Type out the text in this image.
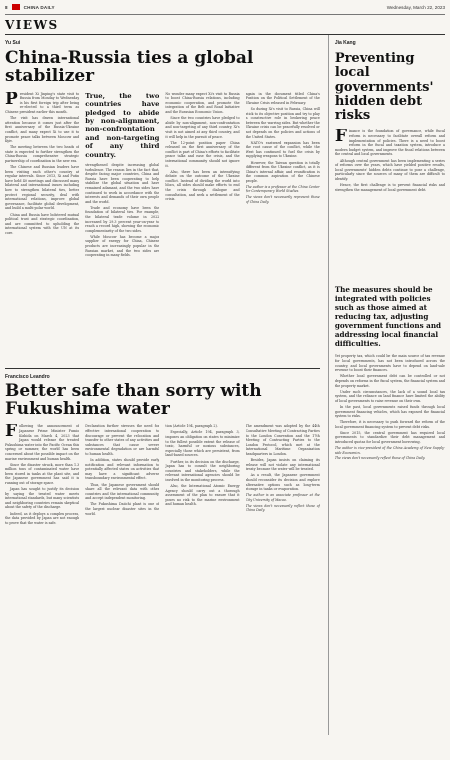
8	CHINA DAILY	Wednesday, March 22, 2023
VIEWS
Yu Sui
China-Russia ties a global stabilizer
P resident Xi Jinping's state visit to Russia from Monday to Wednesday is his first foreign trip after being re-elected to a third term as Chinese president earlier this month.

The visit has drawn international attention because it comes just after the first anniversary of the Russia-Ukraine conflict, and many expect Xi to use it to promote peace talks between Moscow and Kyiv.

The meeting between the two heads of state is expected to further strengthen the China-Russia comprehensive strategic partnership of coordination in the new era.

The Chinese and Russian leaders have been visiting each other's country at regular intervals. Since 2013, Xi and Putin have held 40 meetings and discussed many bilateral and international issues including how to strengthen bilateral ties, better protect regional security, deal with international relations, improve global governance, facilitate global development, and build a multi-polar world.

China and Russia have bolstered mutual political trust and strategic coordination, and are committed to upholding the international system with the UN at its core.

True, the two countries have pledged to abide by non-alignment, non-confrontation and non-targeting of any third country.

strengthened despite increasing global turbulence. The reason lies in the fact that, despite facing major countries, China and Russia have been cooperating to help stabilize the global situation and have remained adamant, and the two sides have continued to work in accordance with the interests and demands of their own people and the world.

Trade and economy have been the foundation of bilateral ties. For example, the bilateral trade volume in 2022 increased by 29.3 percent year-on-year to reach a record high, showing the economic complementarity of the two sides.

While Moscow has become a major supplier of energy for China, Chinese products are increasingly popular in the Russian market, and the two sides are cooperating in many fields.

No wonder many expect Xi's visit to Russia to boost China-Russia relations, including economic cooperation, and promote the integration of the Belt and Road Initiative and the Eurasian Economic Union.

Since the two countries have pledged to abide by non-alignment, non-confrontation and non-targeting of any third country, Xi's visit is not aimed at any third country, and it will help in the pursuit of peace.

The 12-point position paper China released on the first anniversary of the conflict is part of China's efforts to facilitate peace talks and ease the crisis, and the international community should not ignore it.

Also, there has been an intensifying debate on the outcome of the Ukraine conflict. Instead of dividing the world into blocs, all sides should make efforts to end the crisis through dialogue and consultation, and seek a settlement of the crisis.

again in the document titled China's Position on the Political Settlement of the Ukraine Crisis released in February.

So during Xi's visit to Russia, China will stick to its objective position and try to play a constructive role in brokering peace between the warring sides. But whether the Ukraine crisis can be peacefully resolved or not depends on the policies and actions of the United States.

NATO's eastward expansion has been the root cause of the conflict, while the West has continued to fuel the crisis by supplying weapons to Ukraine.

However, the Taiwan question is totally different from the Ukraine conflict, as it is China's internal affair, and reunification is the common aspiration of the Chinese people.

The author is a professor at the China Center for Contemporary World Studies.

The views don't necessarily represent those of China Daily.

Francisco Leandro
Better safe than sorry with Fukushima water
F ollowing the announcement of Japanese Prime Minister Fumio Kishida on March 4, 2023 that Japan would release the treated Fukushima water into the Pacific Ocean this spring or summer, the world has been concerned about the possible impact on the marine environment and human health.

Since the disaster struck, more than 1.3 million tons of contaminated water have been stored in tanks at the plant site, and the Japanese government has said it is running out of storage space.

Japan has sought to justify its decision by saying the treated water meets international standards, but many scientists and neighboring countries remain skeptical about the safety of the discharge.

Indeed, as it deploys a complex process, the data provided by Japan are not enough to prove that the water is safe.

Declaration further stresses the need for effective international cooperation to discourage or prevent the relocation and transfer to other states of any activities and substances that cause severe environmental degradation or are harmful to human health.

In addition, states should provide early notification and relevant information to potentially affected states on activities that may have a significant adverse transboundary environmental effect.

Thus, the Japanese government should share all the relevant data with other countries and the international community, and accept independent monitoring.

The Fukushima Daiichi plant is one of the largest nuclear disaster sites in the world.

tion (Article 194, paragraph 2).

Especially, Article 194, paragraph 3, imposes an obligation on states to minimize to the fullest possible extent the release of toxic, harmful or noxious substances, especially those which are persistent, from land-based sources.

Further, in its decision on the discharge, Japan has to consult the neighboring countries and stakeholders, while the relevant international agencies should be involved in the monitoring process.

Also, the International Atomic Energy Agency should carry out a thorough assessment of the plan to ensure that it poses no risk to the marine environment and human health.

The amendment was adopted by the 44th Consultative Meeting of Contracting Parties to the London Convention and the 17th Meeting of Contracting Parties to the London Protocol, which met at the International Maritime Organization headquarters in London.

Besides, Japan insists on claiming its release will not violate any international treaty because the water will be treated.

As a result, the Japanese government should reconsider its decision and explore alternative options such as long-term storage in tanks or evaporation.

The author is an associate professor at the City University of Macao.

The views don't necessarily reflect those of China Daily.

Jia Kang
Preventing local governments' hidden debt risks
F inance is the foundation of governance, while fiscal reform is necessary to facilitate overall reform and implementation of policies. There is a need to boost reform in the fiscal and taxation system, introduce a modern budget system, and improve the fiscal relations between the central and local governments.

Although central government has been implementing a series of reforms over the years, which have yielded positive results, local governments' hidden debts continue to pose a challenge, particularly since the sources of many of them are difficult to identify.

Hence, the first challenge is to prevent financial risks and strengthen the management of local government debt.

The measures should be integrated with policies such as those aimed at reducing tax, adjusting government functions and addressing local financial difficulties.

Yet property tax, which could be the main source of tax revenue for local governments, has not been introduced across the country, and local governments have to depend on land-sale revenue to boost their finances.

Whether local government debt can be controlled or not depends on reforms in the fiscal system, the financial system and the property market.

Under such circumstances, the lack of a sound local tax system, and the reliance on land finance have limited the ability of local governments to raise revenue on their own.

In the past, local governments raised funds through local government financing vehicles, which has exposed the financial system to risks.

Therefore, it is necessary to push forward the reform of the local government financing system to prevent debt risks.

Since 2015, the central government has required local governments to standardize their debt management and introduced quotas for local government borrowing.

The author is vice-president of the China Academy of New Supply-side Economics.

The views don't necessarily reflect those of China Daily.
